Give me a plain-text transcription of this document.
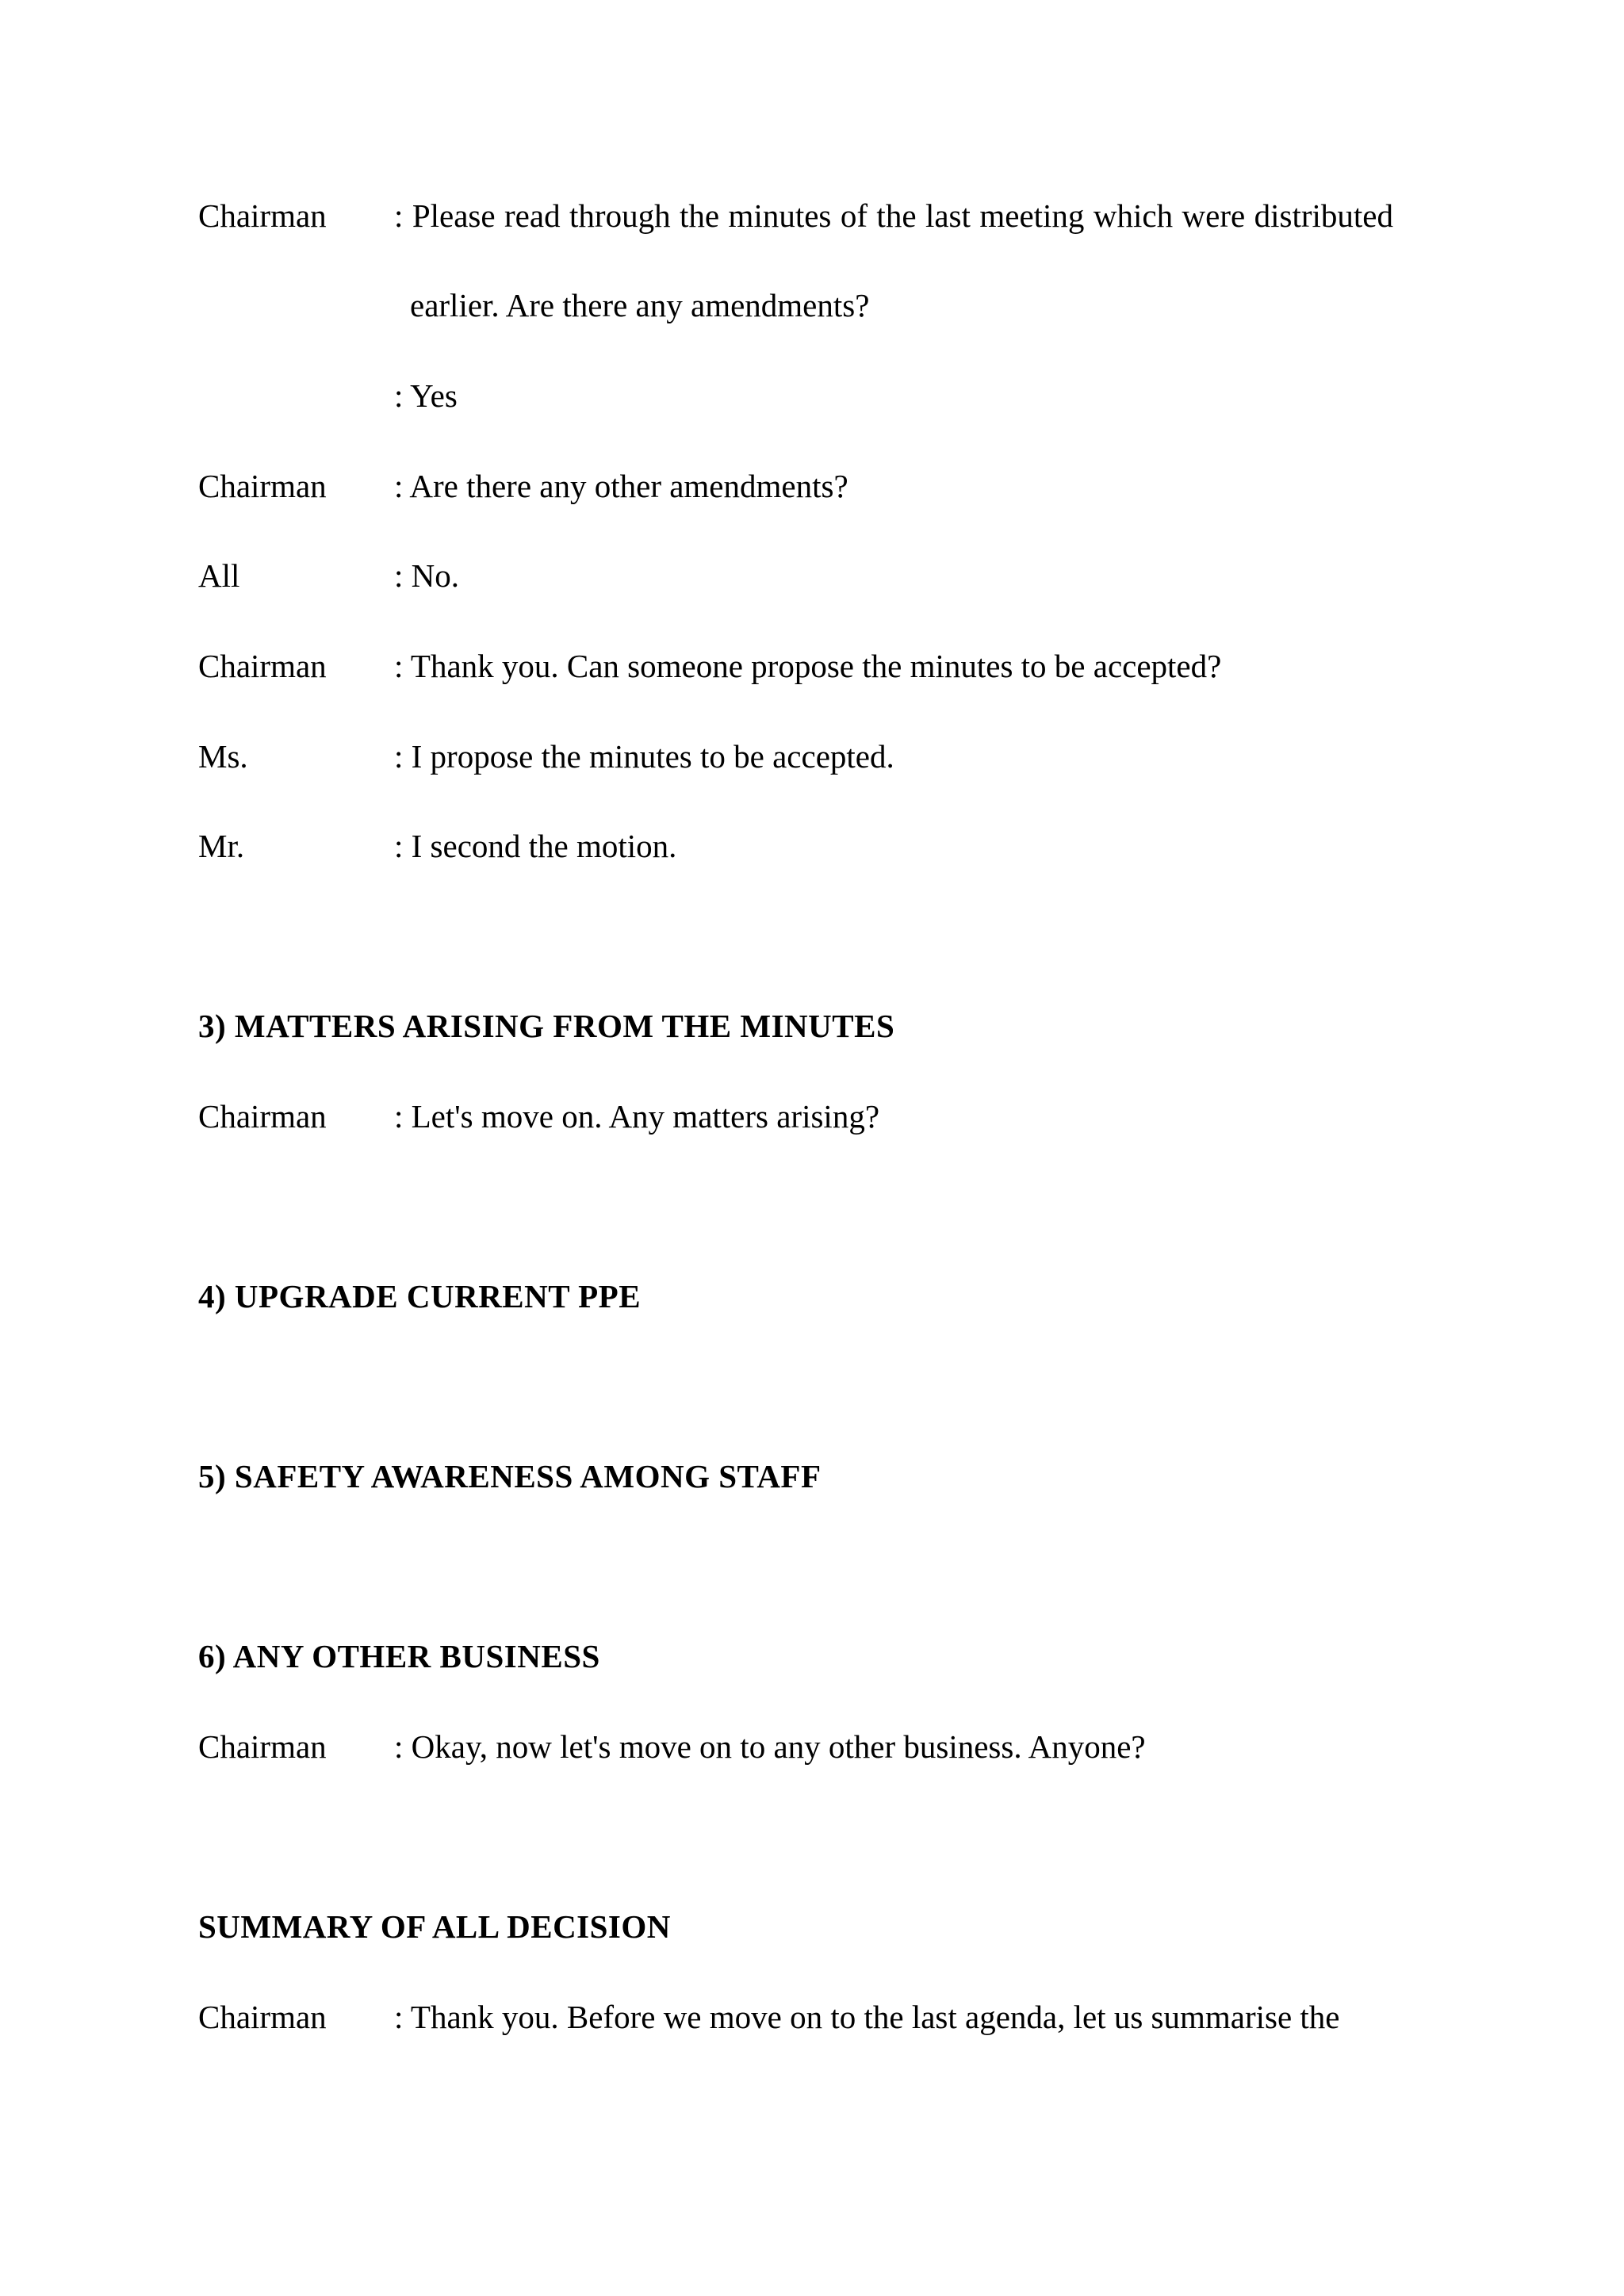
Chairman : Please read through the minutes of the last meeting which were distributed
earlier. Are there any amendments?
: Yes
Chairman : Are there any other amendments?
All	: No.
Chairman : Thank you. Can someone propose the minutes to be accepted?
Ms.	: I propose the minutes to be accepted.
Mr.	: I second the motion.
3) MATTERS ARISING FROM THE MINUTES
Chairman : Let's move on. Any matters arising?
4) UPGRADE CURRENT PPE
5) SAFETY AWARENESS AMONG STAFF
6) ANY OTHER BUSINESS
Chairman : Okay, now let's move on to any other business. Anyone?
SUMMARY OF ALL DECISION
Chairman : Thank you. Before we move on to the last agenda, let us summarise the
